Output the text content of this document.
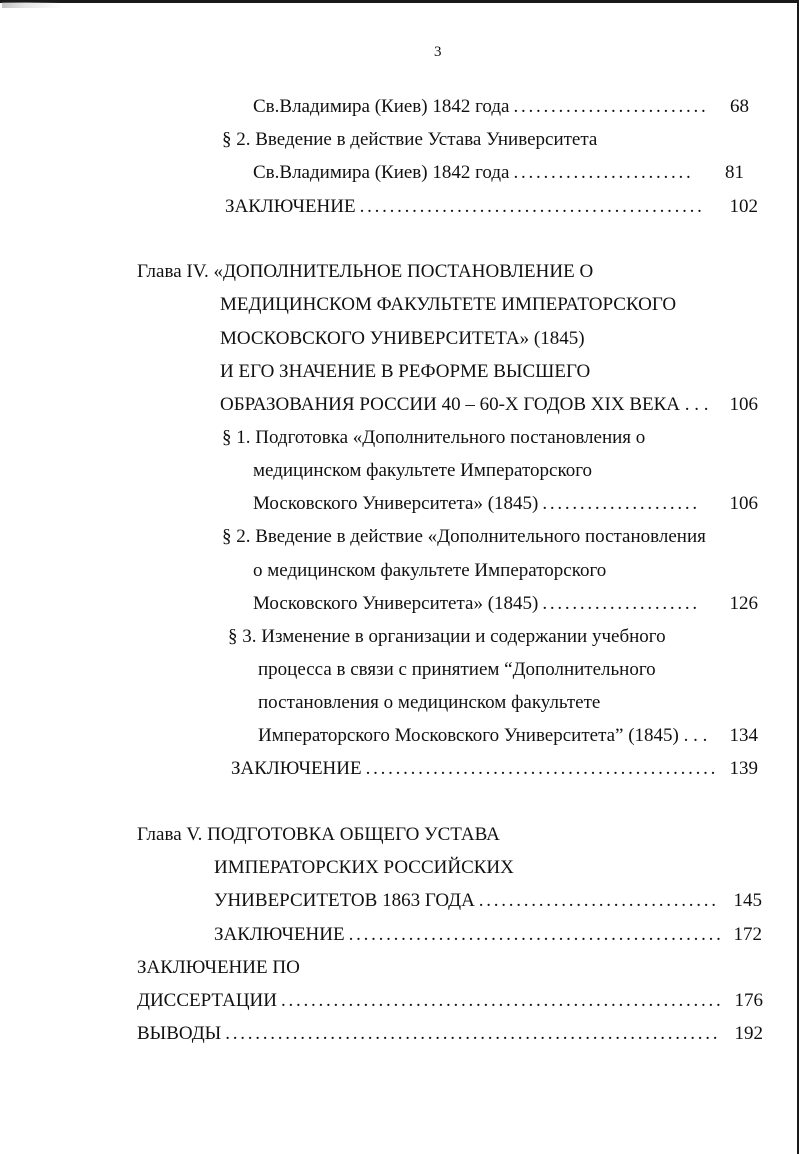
3
Св.Владимира (Киев) 1842 года . . .	68
§ 2. Введение в действие Устава Университета
Св.Владимира (Киев) 1842 года . . .	81
ЗАКЛЮЧЕНИЕ . . .	102
Глава IV. «ДОПОЛНИТЕЛЬНОЕ ПОСТАНОВЛЕНИЕ О
МЕДИЦИНСКОМ ФАКУЛЬТЕТЕ ИМПЕРАТОРСКОГО
МОСКОВСКОГО УНИВЕРСИТЕТА» (1845)
И ЕГО ЗНАЧЕНИЕ В РЕФОРМЕ ВЫСШЕГО
ОБРАЗОВАНИЯ РОССИИ 40 – 60-Х ГОДОВ XIX ВЕКА . . .	106
§ 1. Подготовка «Дополнительного постановления о
медицинском факультете Императорского
Московского Университета» (1845) . . .	106
§ 2. Введение в действие «Дополнительного постановления
о медицинском факультете Императорского
Московского Университета» (1845) . . .	126
§ 3. Изменение в организации и содержании учебного
процесса в связи с принятием “Дополнительного
постановления о медицинском факультете
Императорского Московского Университета” (1845) . . .	134
ЗАКЛЮЧЕНИЕ . . .	139
Глава V. ПОДГОТОВКА ОБЩЕГО УСТАВА
ИМПЕРАТОРСКИХ РОССИЙСКИХ
УНИВЕРСИТЕТОВ 1863 ГОДА . . .	145
ЗАКЛЮЧЕНИЕ . . .	172
ЗАКЛЮЧЕНИЕ ПО
ДИССЕРТАЦИИ . . .	176
ВЫВОДЫ . . .	192
